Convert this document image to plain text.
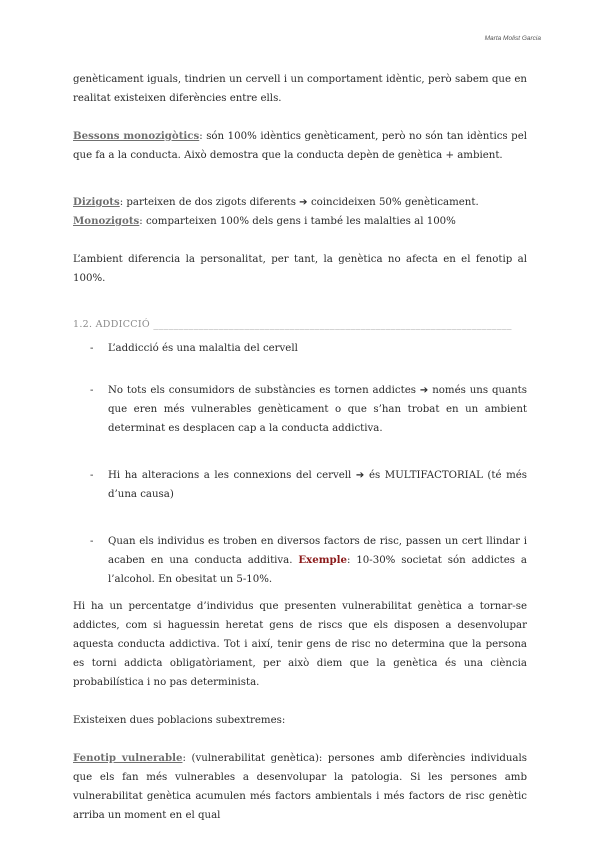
Marta Molist Garcia

genèticament iguals, tindrien un cervell i un comportament idèntic, però sabem que en realitat existeixen diferències entre ells.

Bessons monozigòtics: són 100% idèntics genèticament, però no són tan idèntics pel que fa a la conducta. Això demostra que la conducta depèn de genètica + ambient.

Dizigots: parteixen de dos zigots diferents ➔ coincideixen 50% genèticament.

Monozigots: comparteixen 100% dels gens i també les malalties al 100%

L’ambient diferencia la personalitat, per tant, la genètica no afecta en el fenotip al 100%.

1.2. ADDICCIÓ _______________________________________________________________________
- L’addicció és una malaltia del cervell
- No tots els consumidors de substàncies es tornen addictes ➔ només uns quants que eren més vulnerables genèticament o que s’han trobat en un ambient determinat es desplacen cap a la conducta addictiva.
- Hi ha alteracions a les connexions del cervell ➔ és MULTIFACTORIAL (té més d’una causa)
- Quan els individus es troben en diversos factors de risc, passen un cert llindar i acaben en una conducta additiva. Exemple: 10-30% societat són addictes a l’alcohol. En obesitat un 5-10%.

Hi ha un percentatge d’individus que presenten vulnerabilitat genètica a tornar-se addictes, com si haguessin heretat gens de riscs que els disposen a desenvolupar aquesta conducta addictiva. Tot i així, tenir gens de risc no determina que la persona es torni addicta obligatòriament, per això diem que la genètica és una ciència probabilística i no pas determinista.

Existeixen dues poblacions subextremes:

Fenotip vulnerable: (vulnerabilitat genètica): persones amb diferències individuals que els fan més vulnerables a desenvolupar la patologia. Si les persones amb vulnerabilitat genètica acumulen més factors ambientals i més factors de risc genètic arriba un moment en el qual
